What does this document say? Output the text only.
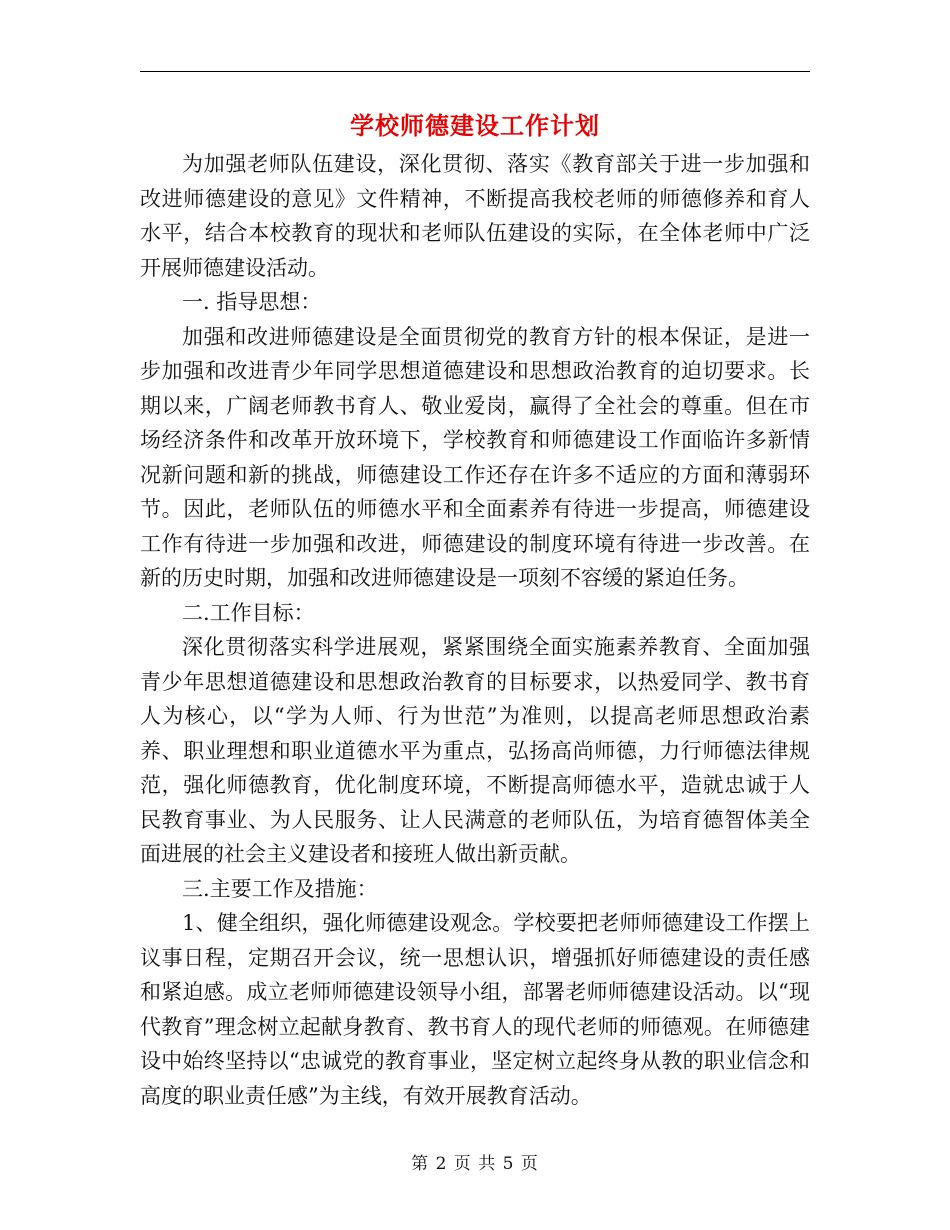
学校师德建设工作计划

为加强老师队伍建设，深化贯彻、落实《教育部关于进一步加强和改进师德建设的意见》文件精神，不断提高我校老师的师德修养和育人水平，结合本校教育的现状和老师队伍建设的实际，在全体老师中广泛开展师德建设活动。

一. 指导思想：

加强和改进师德建设是全面贯彻党的教育方针的根本保证，是进一步加强和改进青少年同学思想道德建设和思想政治教育的迫切要求。长期以来，广阔老师教书育人、敬业爱岗，赢得了全社会的尊重。但在市场经济条件和改革开放环境下，学校教育和师德建设工作面临许多新情况新问题和新的挑战，师德建设工作还存在许多不适应的方面和薄弱环节。因此，老师队伍的师德水平和全面素养有待进一步提高，师德建设工作有待进一步加强和改进，师德建设的制度环境有待进一步改善。在新的历史时期，加强和改进师德建设是一项刻不容缓的紧迫任务。

二.工作目标：

深化贯彻落实科学进展观，紧紧围绕全面实施素养教育、全面加强青少年思想道德建设和思想政治教育的目标要求，以热爱同学、教书育人为核心，以“学为人师、行为世范”为准则，以提高老师思想政治素养、职业理想和职业道德水平为重点，弘扬高尚师德，力行师德法律规范，强化师德教育，优化制度环境，不断提高师德水平，造就忠诚于人民教育事业、为人民服务、让人民满意的老师队伍，为培育德智体美全面进展的社会主义建设者和接班人做出新贡献。

三.主要工作及措施：

1、健全组织，强化师德建设观念。学校要把老师师德建设工作摆上议事日程，定期召开会议，统一思想认识，增强抓好师德建设的责任感和紧迫感。成立老师师德建设领导小组，部署老师师德建设活动。以“现代教育”理念树立起献身教育、教书育人的现代老师的师德观。在师德建设中始终坚持以“忠诚党的教育事业，坚定树立起终身从教的职业信念和高度的职业责任感”为主线，有效开展教育活动。

第 2 页 共 5 页
